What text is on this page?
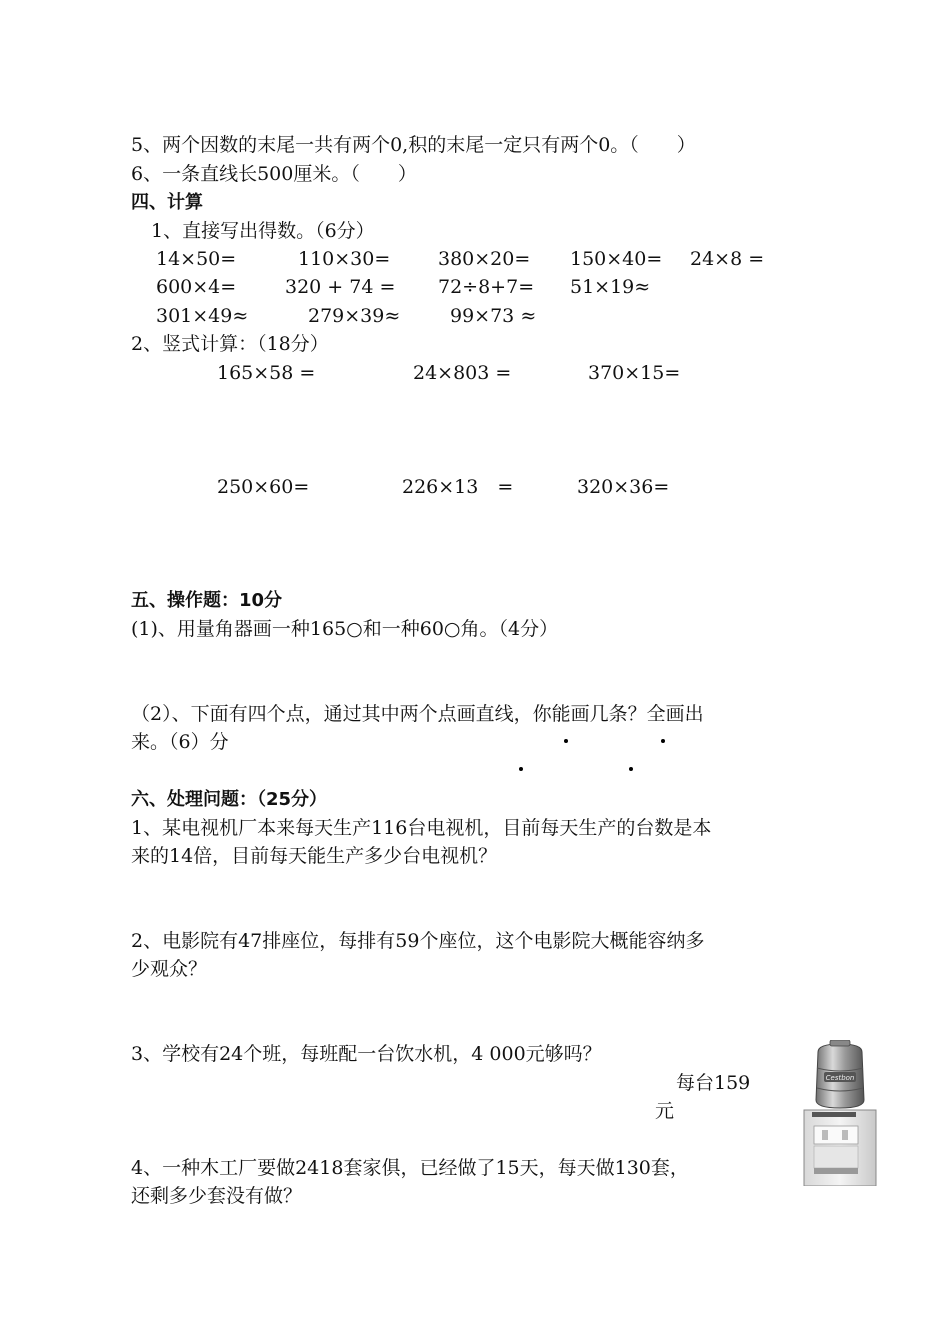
5、两个因数的末尾一共有两个0,积的末尾一定只有两个0。（　　）
6、一条直线长500厘米。（　　）
四、计算
1、直接写出得数。（6分）
14×50=	110×30=	380×20= 150×40= 24×8 =
600×4=	320 + 74 = 72÷8+7= 51×19≈
301×49≈	279×39≈	99×73 ≈
2、竖式计算：（18分）
165×58 =	24×803 =	370×15=
250×60=	226×13　=	320×36=
五、操作题：10分
(1)、用量角器画一种165○和一种60○角。（4分）
（2）、下面有四个点，通过其中两个点画直线，你能画几条？全画出
来。（6）分
六、处理问题：（25分）
1、某电视机厂本来每天生产116台电视机，目前每天生产的台数是本
来的14倍，目前每天能生产多少台电视机？
2、电影院有47排座位，每排有59个座位，这个电影院大概能容纳多
少观众？
3、学校有24个班，每班配一台饮水机，4 000元够吗？
每台159
元
4、一种木工厂要做2418套家俱，已经做了15天，每天做130套，
还剩多少套没有做？
Cestbon
